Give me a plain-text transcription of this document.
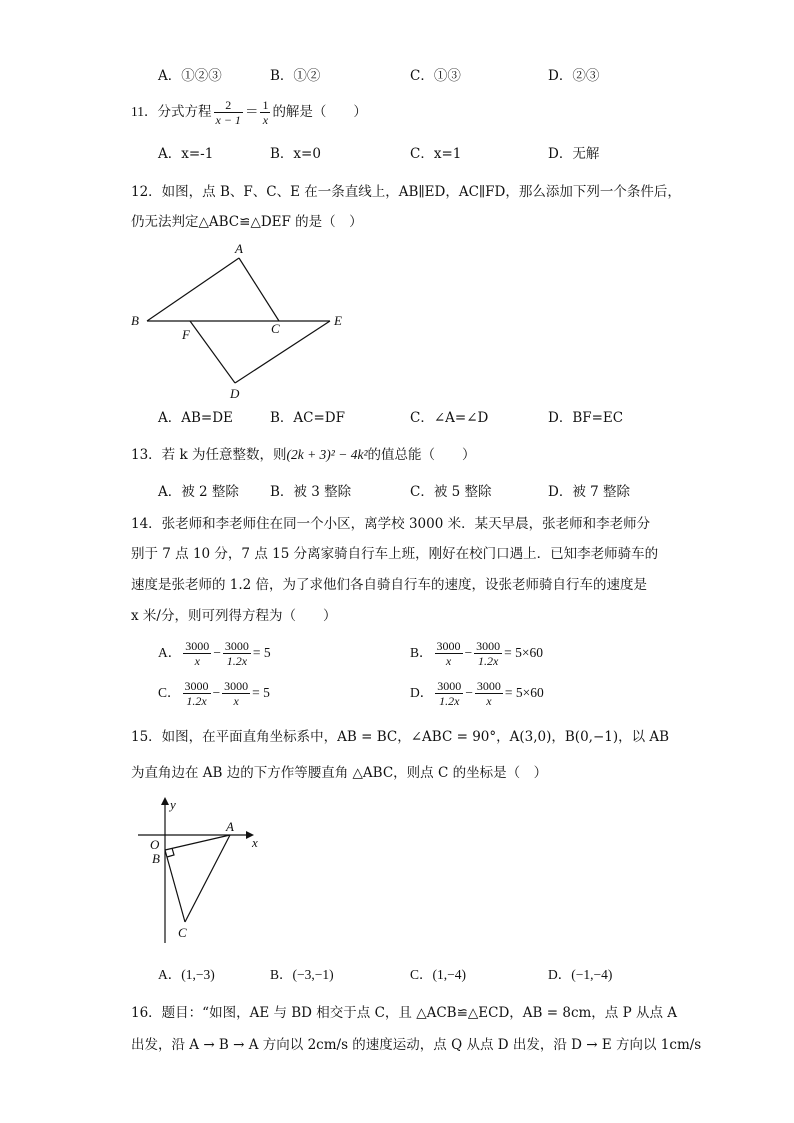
A．①②③	B．①②	C．①③	D．②③
11．分式方程 $\frac{2}{x - 1} = \frac{1}{x}$ 的解是（　　）
A．x=-1	B．x=0	C．x=1	D．无解
12．如图，点 B、F、C、E 在一条直线上，AB∥ED，AC∥FD，那么添加下列一个条件后，
仍无法判定△ABC≌△DEF 的是（　）
A
B
F	C
E
D
A．AB=DE	B．AC=DF	C．∠A=∠D	D．BF=EC
13．若 k 为任意整数，则(2k + 3)² − 4k²的值总能（　　）
A．被 2 整除 B．被 3 整除	C．被 5 整除	D．被 7 整除
14．张老师和李老师住在同一个小区，离学校 3000 米．某天早晨，张老师和李老师分
别于 7 点 10 分，7 点 15 分离家骑自行车上班，刚好在校门口遇上．已知李老师骑车的
速度是张老师的 1.2 倍，为了求他们各自骑自行车的速度，设张老师骑自行车的速度是
x 米/分，则可列得方程为（　　）
A． $\frac{3000}{x} - \frac{3000}{1.2x} = 5$	B． $\frac{3000}{x} - \frac{3000}{1.2x} = 5\times 60$
C． $\frac{3000}{1.2x} - \frac{3000}{x} = 5$	D． $\frac{3000}{1.2x} - \frac{3000}{x} = 5\times 60$
15．如图，在平面直角坐标系中，AB = BC，∠ABC = 90°，A(3,0)，B(0,−1)，以 AB
为直角边在 AB 边的下方作等腰直角 △ABC，则点 C 的坐标是（　）
y
x
O
A
B
C
A．(1,−3)	B．(−3,−1)	C．(1,−4)	D．(−1,−4)
16．题目：“如图，AE 与 BD 相交于点 C，且 △ACB≌△ECD，AB = 8cm，点 P 从点 A
出发，沿 A → B → A 方向以 2cm/s 的速度运动，点 Q 从点 D 出发，沿 D → E 方向以 1cm/s
